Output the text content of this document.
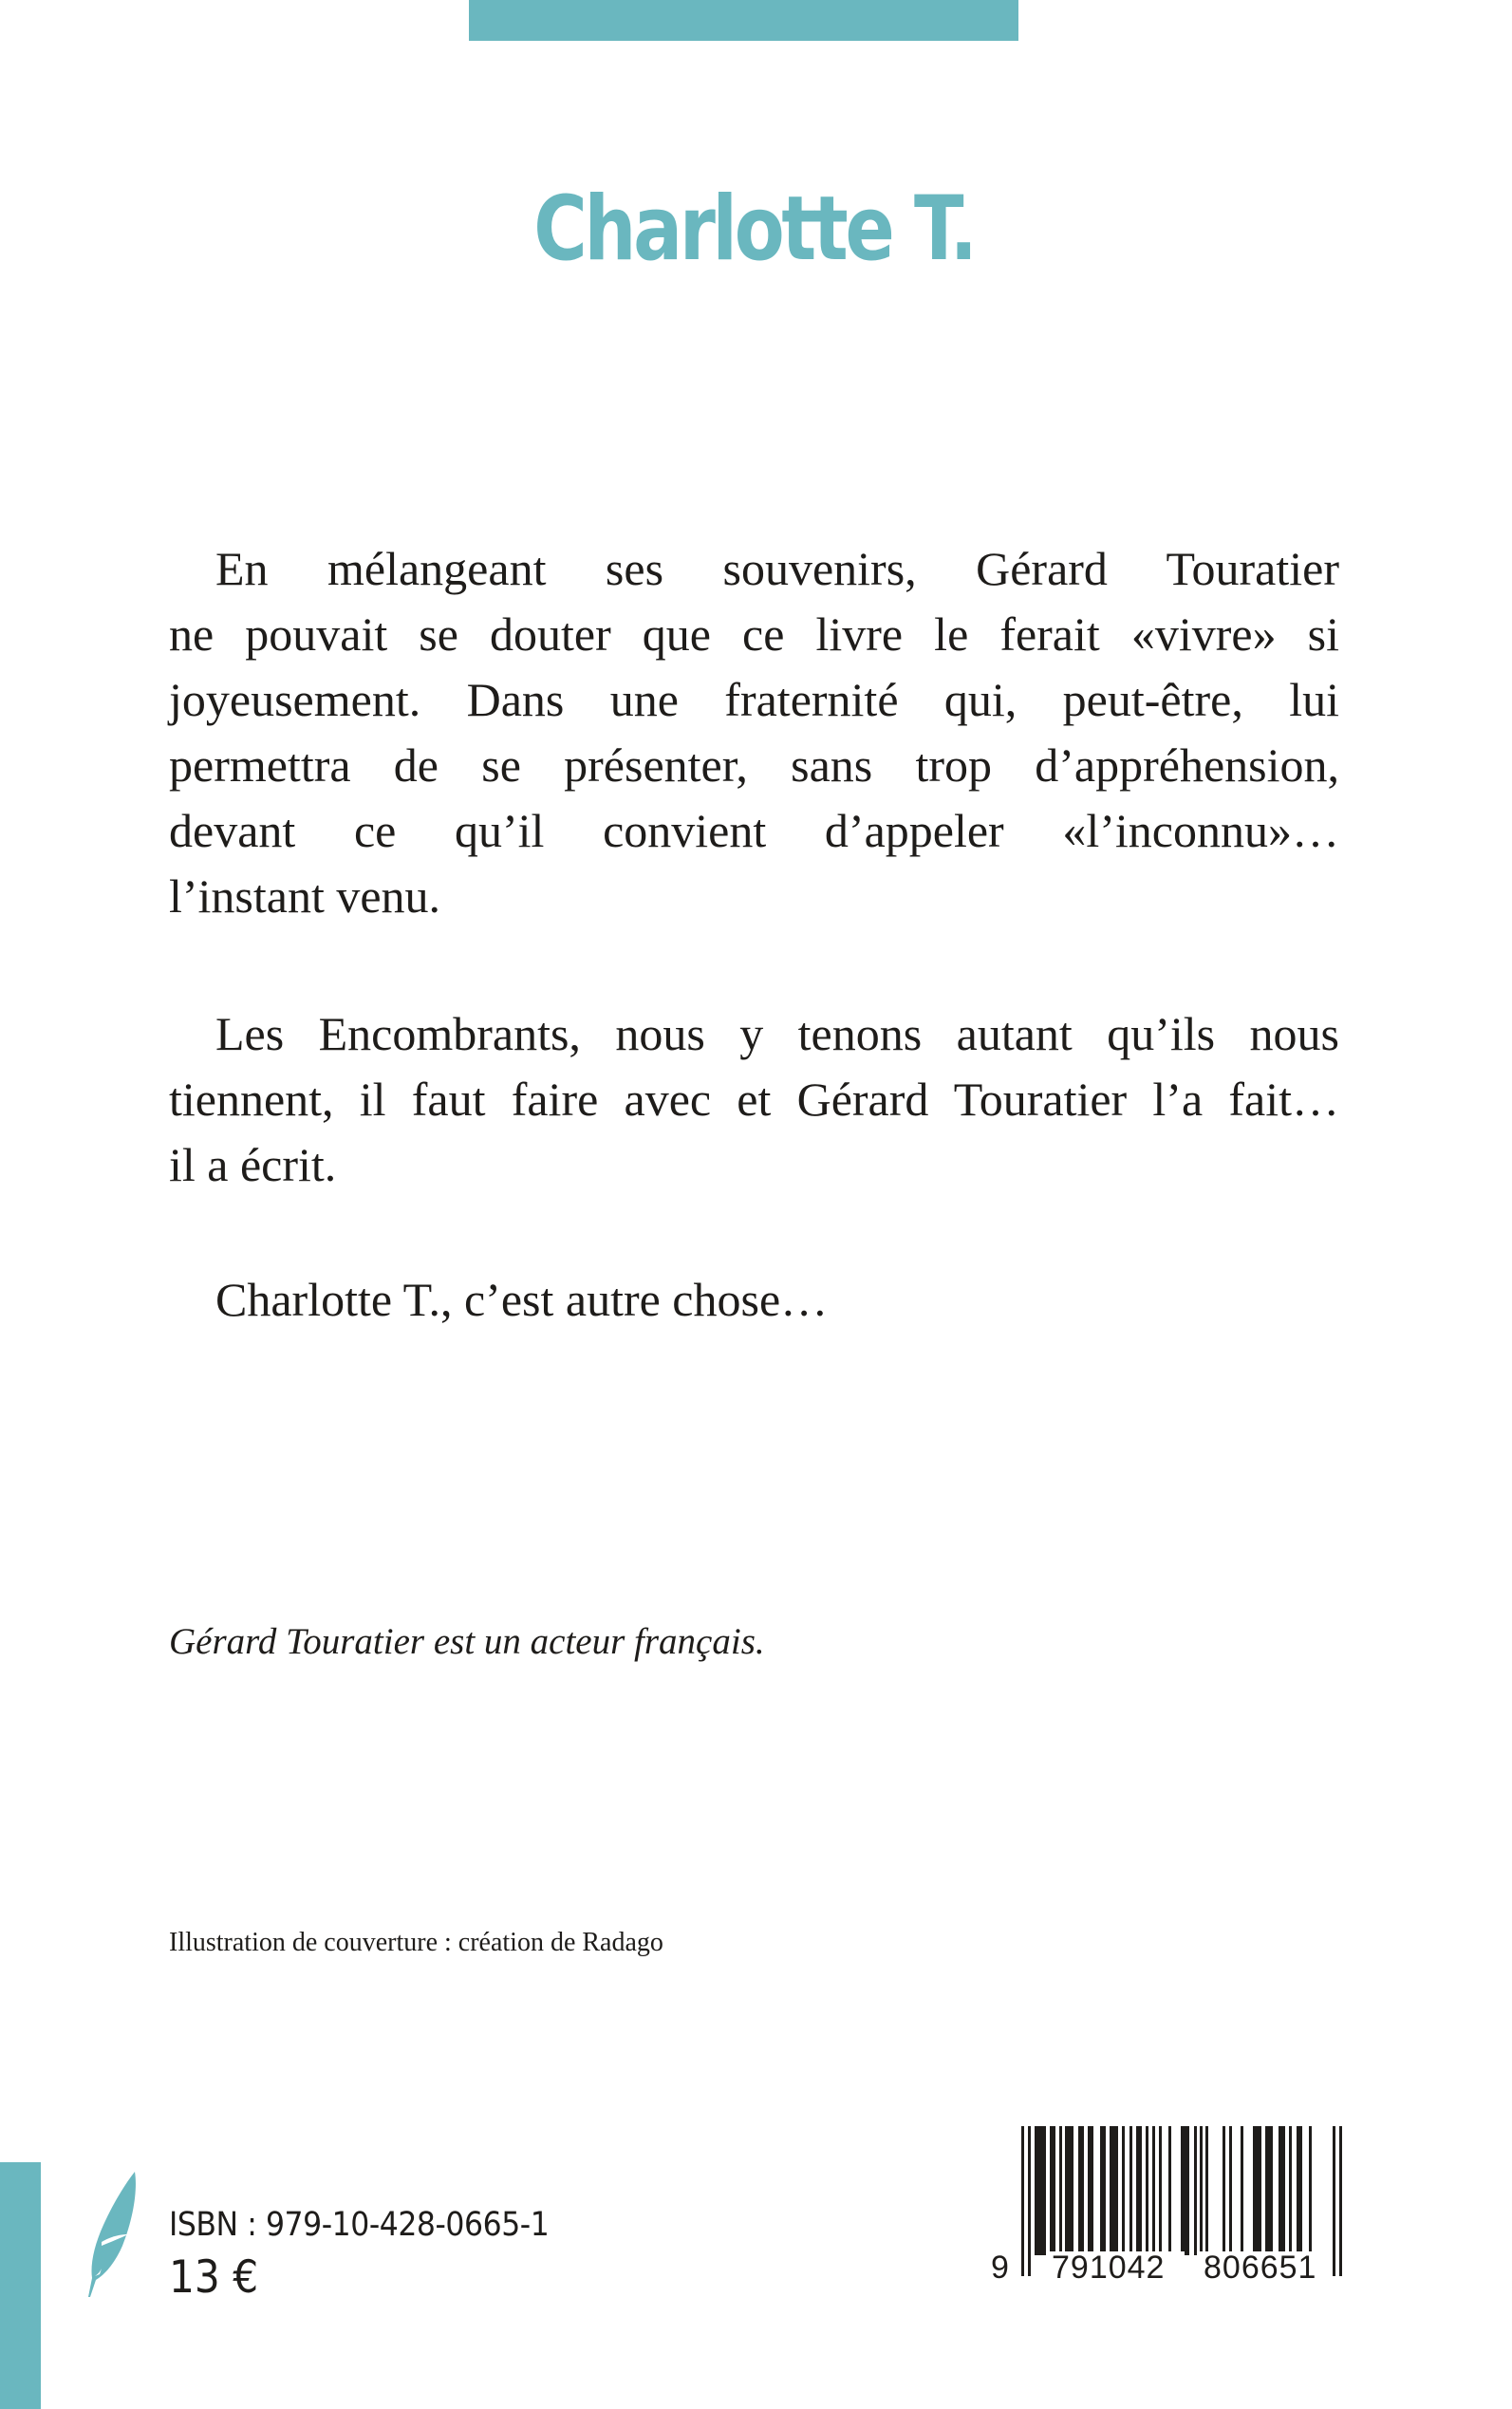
Charlotte T.
En mélangeant ses souvenirs, Gérard Touratier
ne pouvait se douter que ce livre le ferait «vivre» si
joyeusement. Dans une fraternité qui, peut-être, lui
permettra de se présenter, sans trop d’appréhension,
devant ce qu’il convient d’appeler «l’inconnu»…
l’instant venu.
Les Encombrants, nous y tenons autant qu’ils nous
tiennent, il faut faire avec et Gérard Touratier l’a fait…
il a écrit.
Charlotte T., c’est autre chose…
Gérard Touratier est un acteur français.
Illustration de couverture : création de Radago
ISBN : 979-10-428-0665-1
13 €	9 791042	806651
